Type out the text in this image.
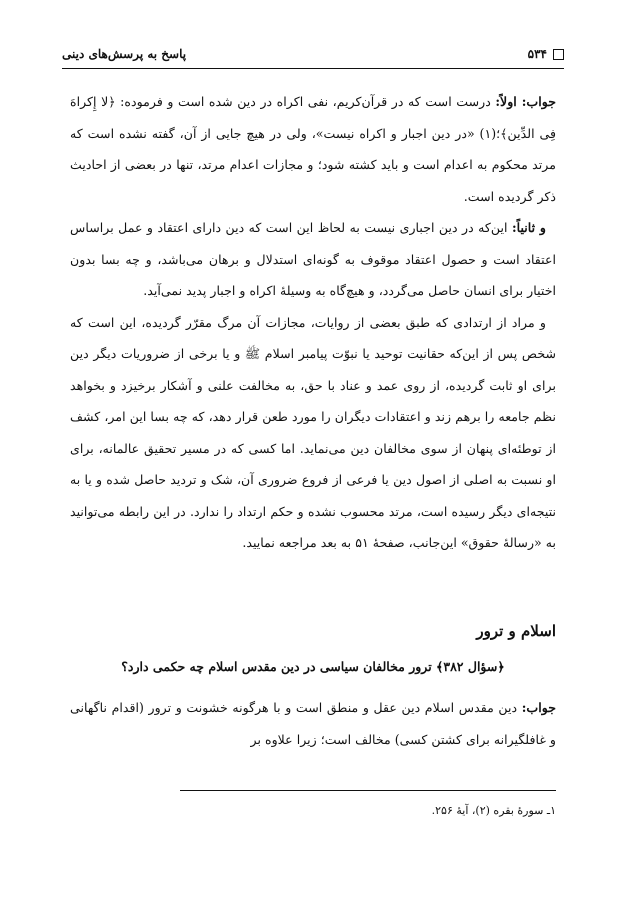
۵۳۴
پاسخ به پرسش‌های دینی

جواب: اولاً: درست است که در قرآن‌کریم، نفی اکراه در دین شده است و فرموده: ﴿لا إِکراهَ فِی الدِّین﴾؛(۱) «در دین اجبار و اکراه نیست»، ولی در هیچ جایی از آن، گفته نشده است که مرتد محکوم به اعدام است و باید کشته شود؛ و مجازات اعدام مرتد، تنها در بعضی از احادیث ذکر گردیده است.

و ثانیاً: این‌که در دین اجباری نیست به لحاظ این است که دین دارای اعتقاد و عمل براساس اعتقاد است و حصول اعتقاد موقوف به گونه‌ای استدلال و برهان می‌باشد، و چه بسا بدون اختیار برای انسان حاصل می‌گردد، و هیچ‌گاه به وسیلهٔ اکراه و اجبار پدید نمی‌آید.

و مراد از ارتدادی که طبق بعضی از روایات، مجازات آن مرگ مقرّر گردیده، این است که شخص پس از این‌که حقانیت توحید یا نبوّت پیامبر اسلام ﷺ و یا برخی از ضروریات دیگر دین برای او ثابت گردیده، از روی عمد و عناد با حق، به مخالفت علنی و آشکار برخیزد و بخواهد نظم جامعه را برهم زند و اعتقادات دیگران را مورد طعن قرار دهد، که چه بسا این امر، کشف از توطئه‌ای پنهان از سوی مخالفان دین می‌نماید. اما کسی که در مسیر تحقیق عالمانه، برای او نسبت به اصلی از اصول دین یا فرعی از فروع ضروری آن، شک و تردید حاصل شده و یا به نتیجه‌ای دیگر رسیده است، مرتد محسوب نشده و حکم ارتداد را ندارد. در این رابطه می‌توانید به «رسالهٔ حقوق» این‌جانب، صفحهٔ ۵۱ به بعد مراجعه نمایید.

اسلام و ترور
﴿سؤال ۳۸۲﴾ ترور مخالفان سیاسی در دین مقدس اسلام چه حکمی دارد؟

جواب: دین مقدس اسلام دین عقل و منطق است و با هرگونه خشونت و ترور (اقدام ناگهانی و غافلگیرانه برای کشتن کسی) مخالف است؛ زیرا علاوه بر

۱ـ سورهٔ بقره (۲)، آیهٔ ۲۵۶.
